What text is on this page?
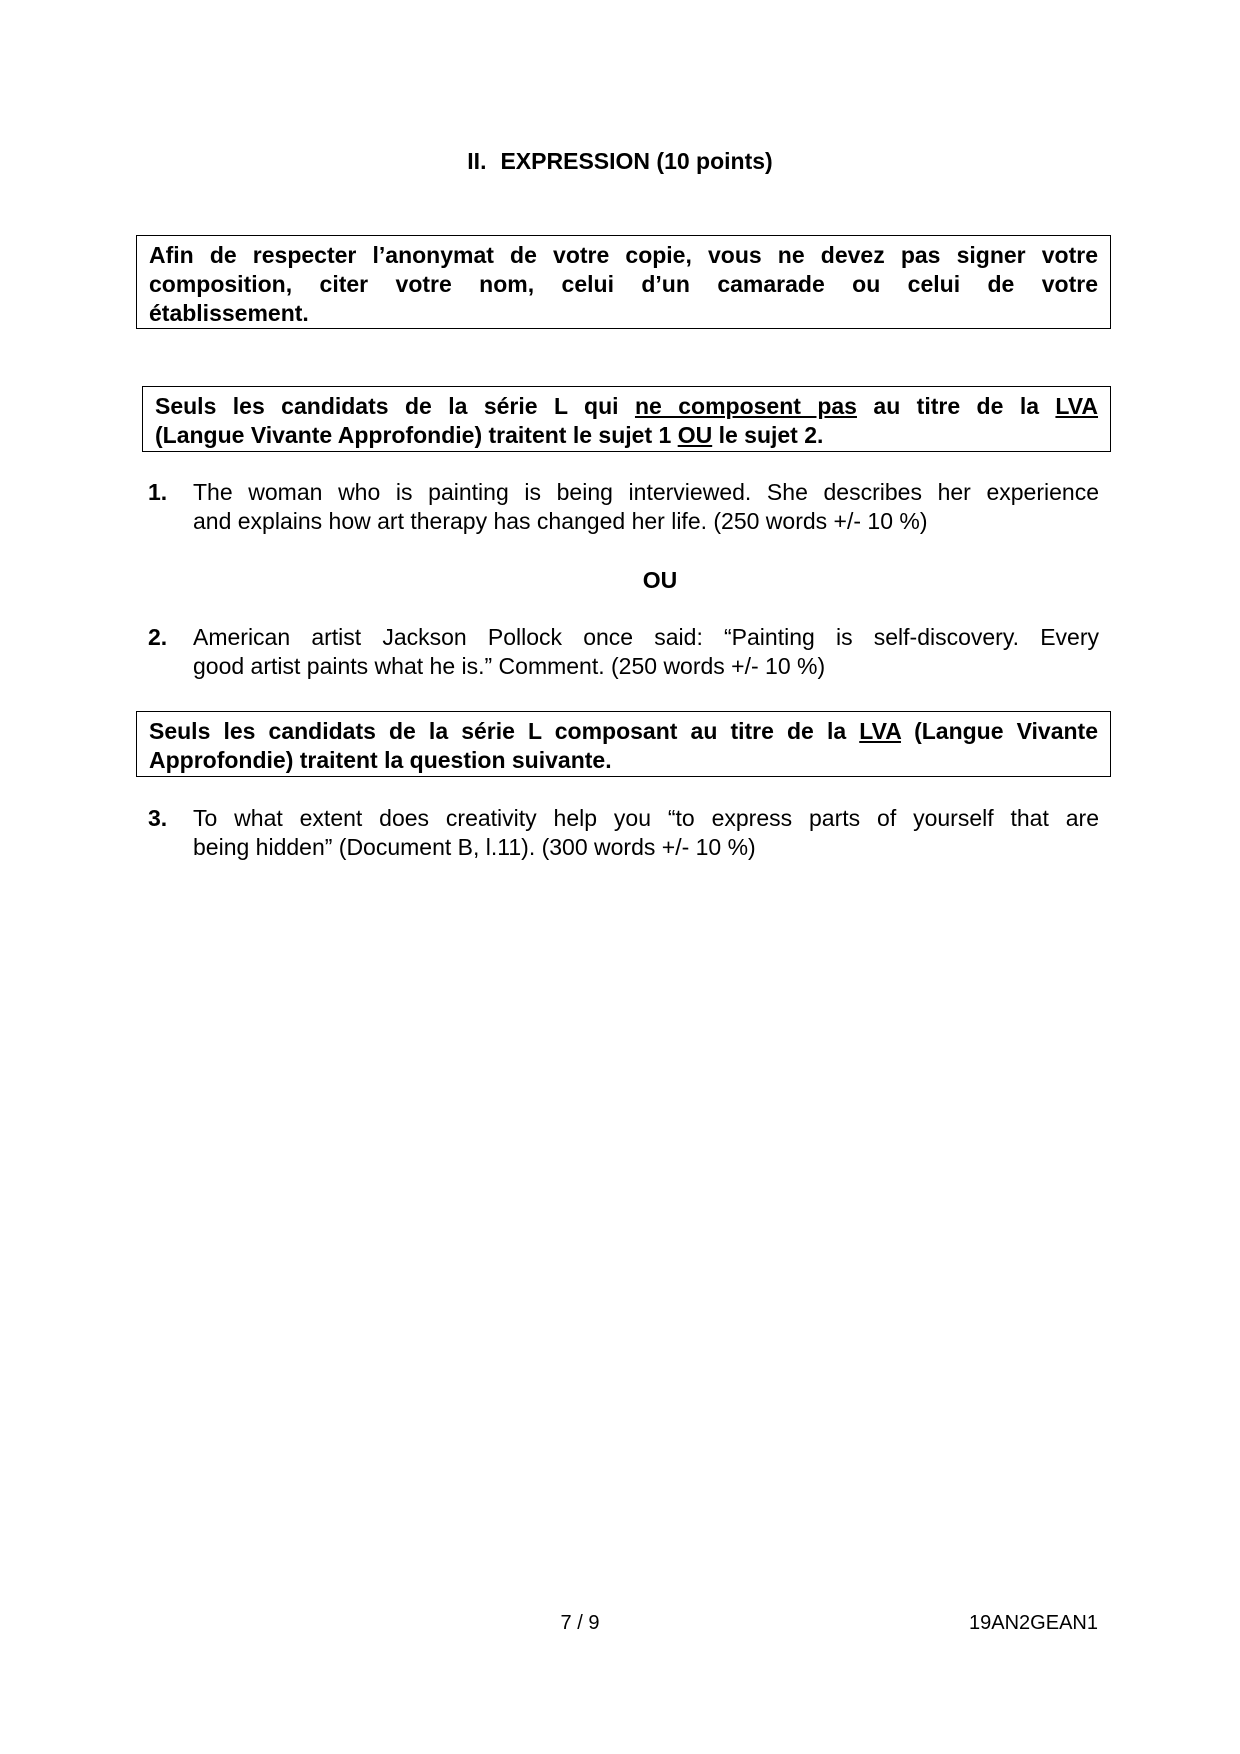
II. EXPRESSION (10 points)
Afin de respecter l’anonymat de votre copie, vous ne devez pas signer votre
composition, citer votre nom, celui d’un camarade ou celui de votre
établissement.
Seuls les candidats de la série L qui ne composent pas au titre de la LVA
(Langue Vivante Approfondie) traitent le sujet 1 OU le sujet 2.
1. The woman who is painting is being interviewed. She describes her experience
and explains how art therapy has changed her life. (250 words +/- 10 %)
OU
2. American artist Jackson Pollock once said: “Painting is self-discovery. Every
good artist paints what he is.” Comment. (250 words +/- 10 %)
Seuls les candidats de la série L composant au titre de la LVA (Langue Vivante
Approfondie) traitent la question suivante.
3. To what extent does creativity help you “to express parts of yourself that are
being hidden” (Document B, l.11). (300 words +/- 10 %)
7 / 9	19AN2GEAN1
